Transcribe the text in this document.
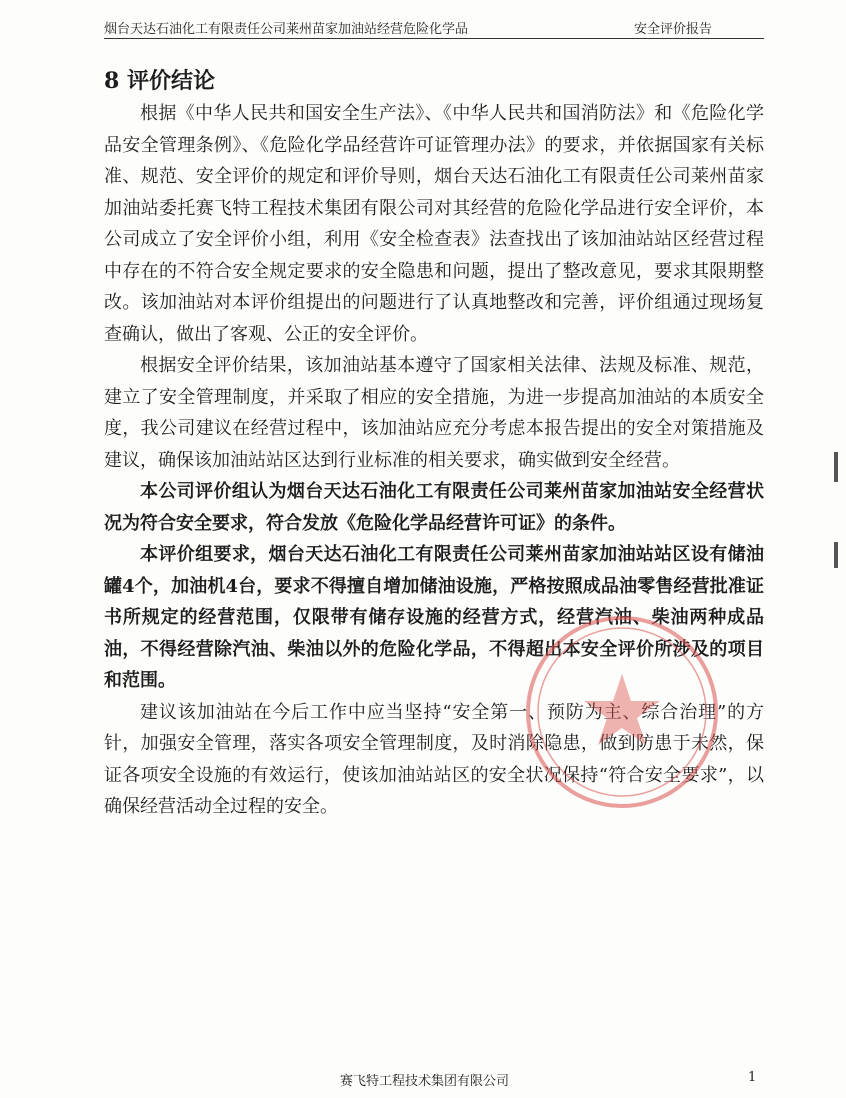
烟台天达石油化工有限责任公司莱州苗家加油站经营危险化学品	安全评价报告
8 评价结论

根据《中华人民共和国安全生产法》、《中华人民共和国消防法》和《危险化学品安全管理条例》、《危险化学品经营许可证管理办法》的要求，并依据国家有关标准、规范、安全评价的规定和评价导则，烟台天达石油化工有限责任公司莱州苗家加油站委托赛飞特工程技术集团有限公司对其经营的危险化学品进行安全评价，本公司成立了安全评价小组，利用《安全检查表》法查找出了该加油站站区经营过程中存在的不符合安全规定要求的安全隐患和问题，提出了整改意见，要求其限期整改。该加油站对本评价组提出的问题进行了认真地整改和完善，评价组通过现场复查确认，做出了客观、公正的安全评价。

根据安全评价结果，该加油站基本遵守了国家相关法律、法规及标准、规范，建立了安全管理制度，并采取了相应的安全措施，为进一步提高加油站的本质安全度，我公司建议在经营过程中，该加油站应充分考虑本报告提出的安全对策措施及建议，确保该加油站站区达到行业标准的相关要求，确实做到安全经营。

本公司评价组认为烟台天达石油化工有限责任公司莱州苗家加油站安全经营状况为符合安全要求，符合发放《危险化学品经营许可证》的条件。

本评价组要求，烟台天达石油化工有限责任公司莱州苗家加油站站区设有储油罐4个，加油机4台，要求不得擅自增加储油设施，严格按照成品油零售经营批准证书所规定的经营范围，仅限带有储存设施的经营方式，经营汽油、柴油两种成品油，不得经营除汽油、柴油以外的危险化学品，不得超出本安全评价所涉及的项目和范围。

建议该加油站在今后工作中应当坚持“安全第一、预防为主、综合治理”的方针，加强安全管理，落实各项安全管理制度，及时消除隐患，做到防患于未然，保证各项安全设施的有效运行，使该加油站站区的安全状况保持“符合安全要求”，以确保经营活动全过程的安全。

赛飞特工程技术集团有限公司	1
